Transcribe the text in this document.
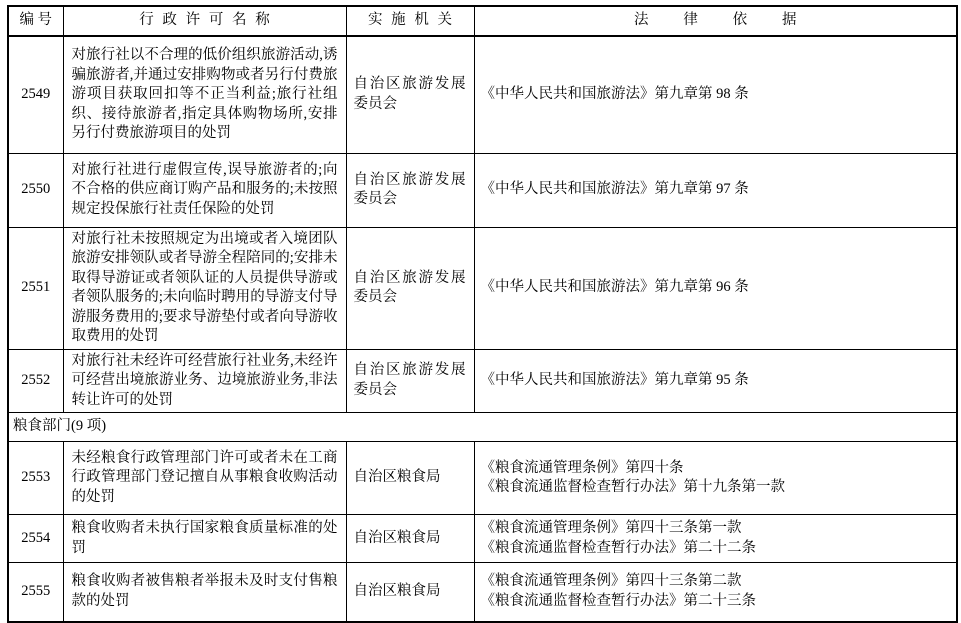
编号	行政许可名称	实施机关	法律依据
2549	对旅行社以不合理的低价组织旅游活动,诱骗旅游者,并通过安排购物或者另行付费旅游项目获取回扣等不正当利益;旅行社组织、接待旅游者,指定具体购物场所,安排另行付费旅游项目的处罚	自治区旅游发展委员会	《中华人民共和国旅游法》第九章第 98 条

2550	对旅行社进行虚假宣传,误导旅游者的;向不合格的供应商订购产品和服务的;未按照规定投保旅行社责任保险的处罚	自治区旅游发展委员会	《中华人民共和国旅游法》第九章第 97 条

2551	对旅行社未按照规定为出境或者入境团队旅游安排领队或者导游全程陪同的;安排未取得导游证或者领队证的人员提供导游或者领队服务的;未向临时聘用的导游支付导游服务费用的;要求导游垫付或者向导游收取费用的处罚	自治区旅游发展委员会	《中华人民共和国旅游法》第九章第 96 条

2552	对旅行社未经许可经营旅行社业务,未经许可经营出境旅游业务、边境旅游业务,非法转让许可的处罚	自治区旅游发展委员会	《中华人民共和国旅游法》第九章第 95 条

粮食部门(9 项)			
2553	未经粮食行政管理部门许可或者未在工商行政管理部门登记擅自从事粮食收购活动的处罚	自治区粮食局	《粮食流通管理条例》第四十条
《粮食流通监督检查暂行办法》第十九条第一款

2554	粮食收购者未执行国家粮食质量标准的处罚	自治区粮食局	《粮食流通管理条例》第四十三条第一款
《粮食流通监督检查暂行办法》第二十二条

2555	粮食收购者被售粮者举报未及时支付售粮款的处罚	自治区粮食局	《粮食流通管理条例》第四十三条第二款
《粮食流通监督检查暂行办法》第二十三条
